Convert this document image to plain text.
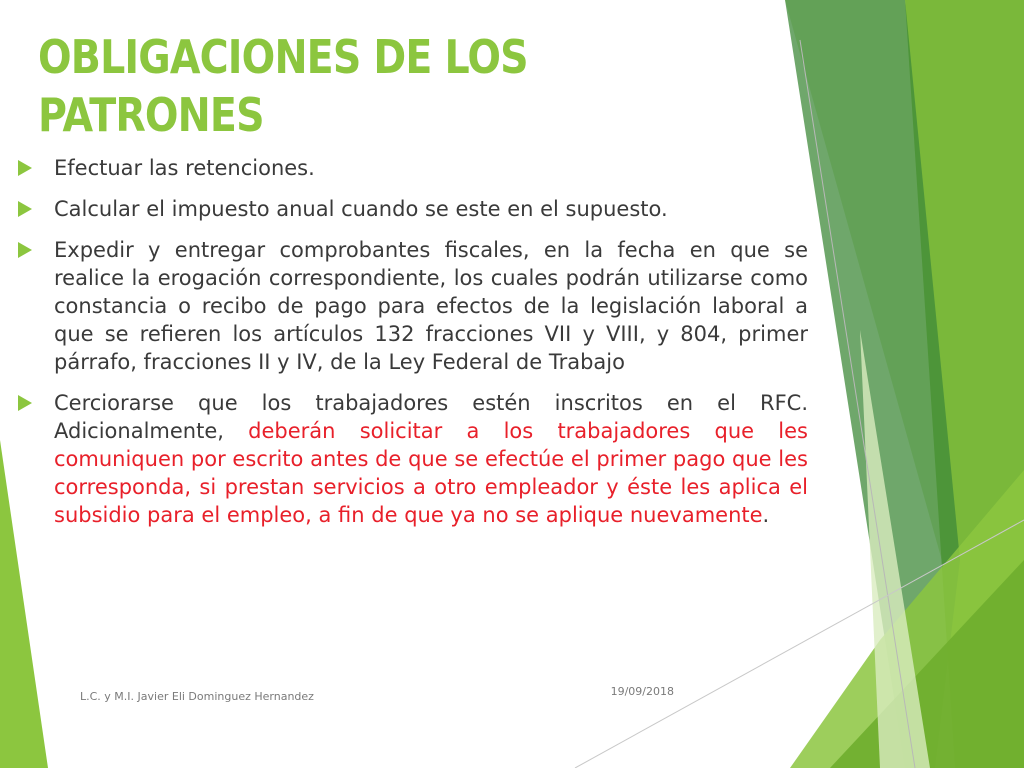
OBLIGACIONES DE LOS PATRONES
Efectuar las retenciones.
Calcular el impuesto anual cuando se este en el supuesto.
Expedir y entregar comprobantes fiscales, en la fecha en que se realice la erogación correspondiente, los cuales podrán utilizarse como constancia o recibo de pago para efectos de la legislación laboral a que se refieren los artículos 132 fracciones VII y VIII, y 804, primer párrafo, fracciones II y IV, de la Ley Federal de Trabajo
Cerciorarse que los trabajadores estén inscritos en el RFC. Adicionalmente, deberán solicitar a los trabajadores que les comuniquen por escrito antes de que se efectúe el primer pago que les corresponda, si prestan servicios a otro empleador y éste les aplica el subsidio para el empleo, a fin de que ya no se aplique nuevamente.
L.C. y M.I. Javier Eli Dominguez Hernandez	19/09/2018
